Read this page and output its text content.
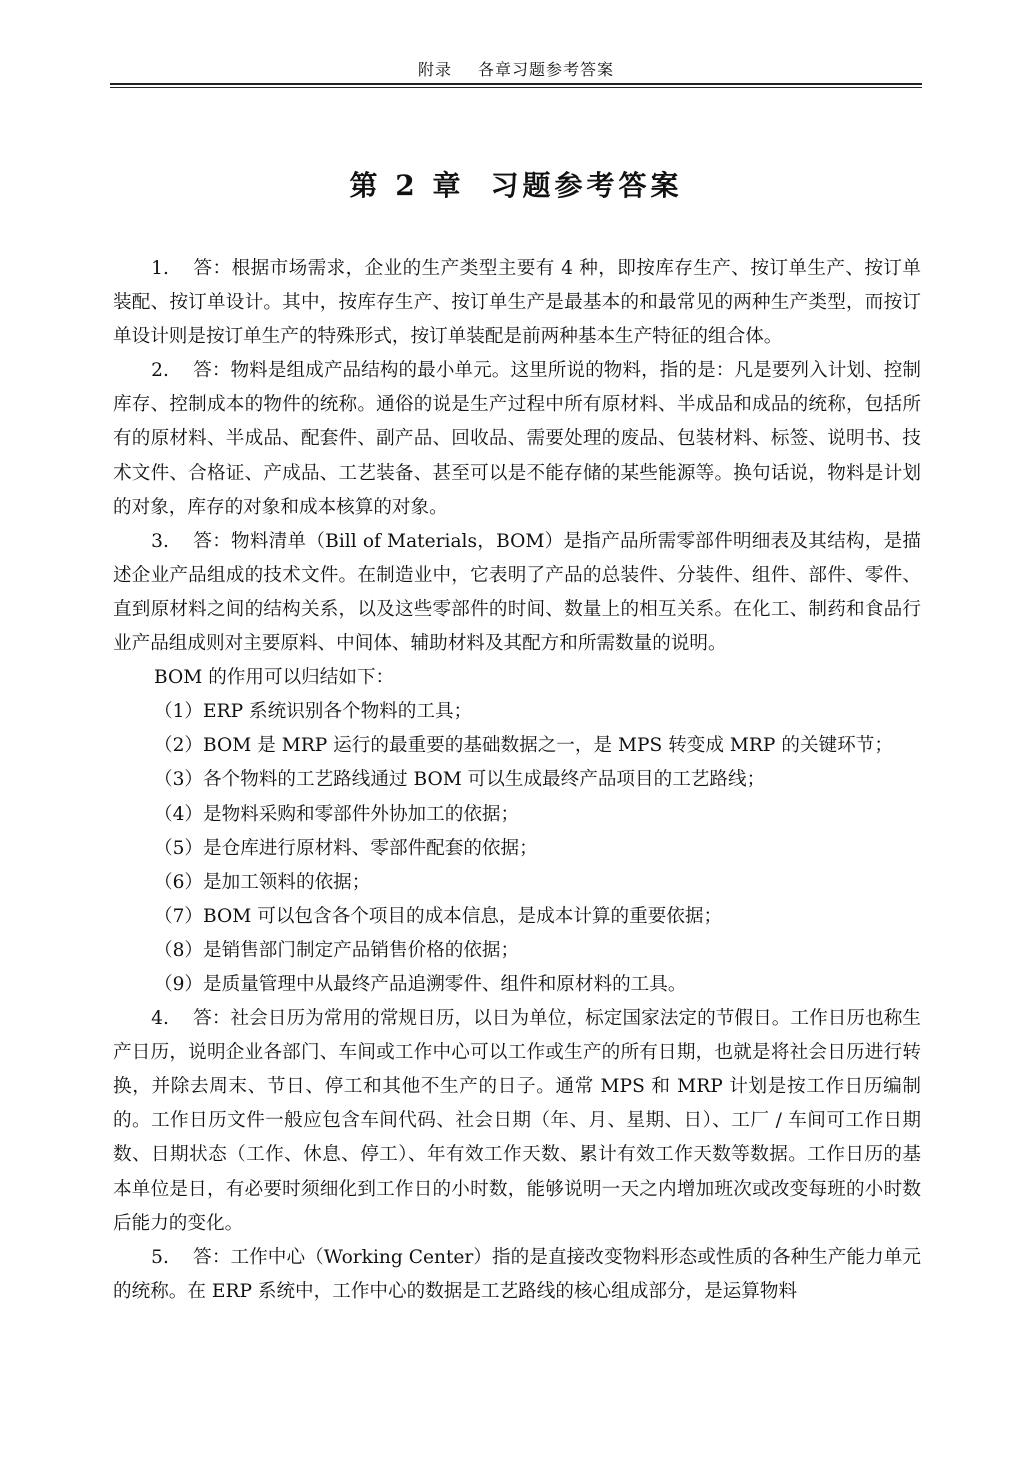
附录 各章习题参考答案
第 2 章 习题参考答案

1. 答：根据市场需求，企业的生产类型主要有 4 种，即按库存生产、按订单生产、按订单装配、按订单设计。其中，按库存生产、按订单生产是最基本的和最常见的两种生产类型，而按订单设计则是按订单生产的特殊形式，按订单装配是前两种基本生产特征的组合体。

2. 答：物料是组成产品结构的最小单元。这里所说的物料，指的是：凡是要列入计划、控制库存、控制成本的物件的统称。通俗的说是生产过程中所有原材料、半成品和成品的统称，包括所有的原材料、半成品、配套件、副产品、回收品、需要处理的废品、包装材料、标签、说明书、技术文件、合格证、产成品、工艺装备、甚至可以是不能存储的某些能源等。换句话说，物料是计划的对象，库存的对象和成本核算的对象。

3. 答：物料清单（Bill of Materials，BOM）是指产品所需零部件明细表及其结构，是描述企业产品组成的技术文件。在制造业中，它表明了产品的总装件、分装件、组件、部件、零件、直到原材料之间的结构关系，以及这些零部件的时间、数量上的相互关系。在化工、制药和食品行业产品组成则对主要原料、中间体、辅助材料及其配方和所需数量的说明。

BOM 的作用可以归结如下：

（1）ERP 系统识别各个物料的工具；

（2）BOM 是 MRP 运行的最重要的基础数据之一，是 MPS 转变成 MRP 的关键环节；

（3）各个物料的工艺路线通过 BOM 可以生成最终产品项目的工艺路线；

（4）是物料采购和零部件外协加工的依据；

（5）是仓库进行原材料、零部件配套的依据；

（6）是加工领料的依据；

（7）BOM 可以包含各个项目的成本信息，是成本计算的重要依据；

（8）是销售部门制定产品销售价格的依据；

（9）是质量管理中从最终产品追溯零件、组件和原材料的工具。

4. 答：社会日历为常用的常规日历，以日为单位，标定国家法定的节假日。工作日历也称生产日历，说明企业各部门、车间或工作中心可以工作或生产的所有日期，也就是将社会日历进行转换，并除去周末、节日、停工和其他不生产的日子。通常 MPS 和 MRP 计划是按工作日历编制的。工作日历文件一般应包含车间代码、社会日期（年、月、星期、日）、工厂 / 车间可工作日期数、日期状态（工作、休息、停工）、年有效工作天数、累计有效工作天数等数据。工作日历的基本单位是日，有必要时须细化到工作日的小时数，能够说明一天之内增加班次或改变每班的小时数后能力的变化。

5. 答：工作中心（Working Center）指的是直接改变物料形态或性质的各种生产能力单元的统称。在 ERP 系统中，工作中心的数据是工艺路线的核心组成部分，是运算物料
